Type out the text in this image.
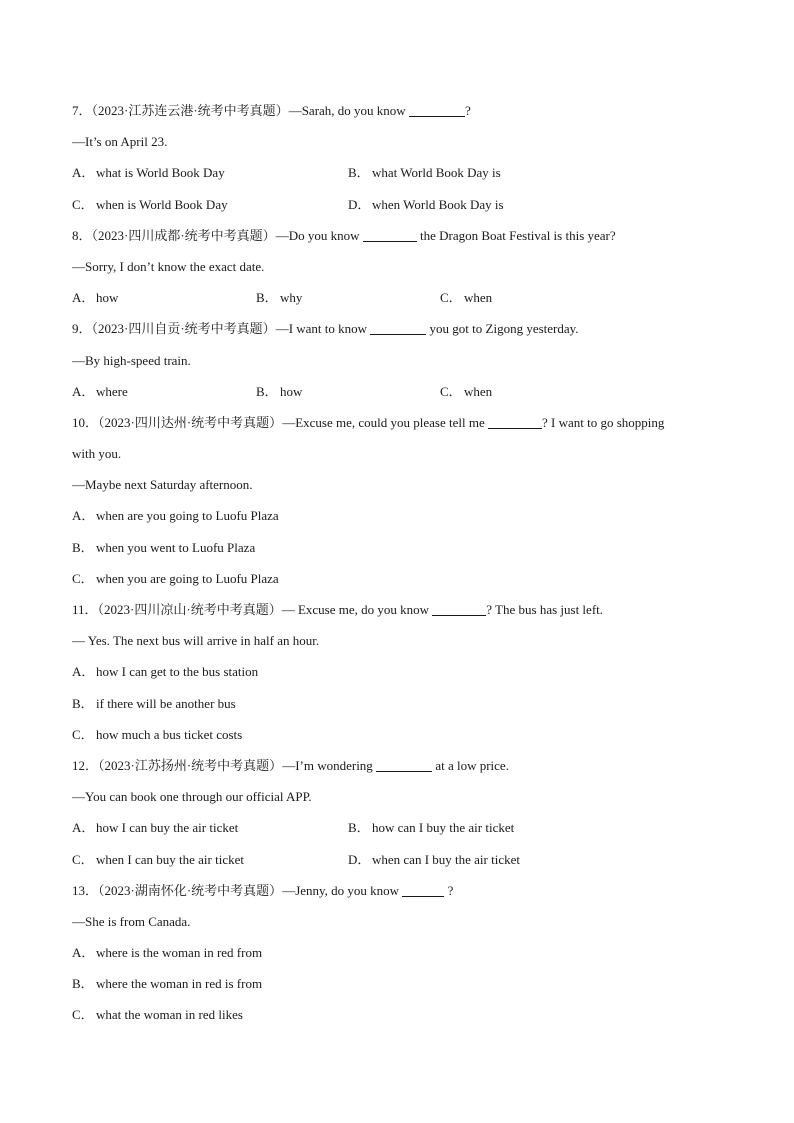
7．（2023·江苏连云港·统考中考真题）—Sarah, do you know	?
—It’s on April 23.
A． what is World Book Day	B． what World Book Day is
C． when is World Book Day	D． when World Book Day is
8．（2023·四川成都·统考中考真题）—Do you know	the Dragon Boat Festival is this year?
—Sorry, I don’t know the exact date.
A． how	B． why	C． when
9．（2023·四川自贡·统考中考真题）—I want to know	you got to Zigong yesterday.
—By high-speed train.
A． where	B． how	C． when
10．（2023·四川达州·统考中考真题）—Excuse me, could you please tell me	? I want to go shopping
with you.
—Maybe next Saturday afternoon.
A． when are you going to Luofu Plaza
B． when you went to Luofu Plaza
C． when you are going to Luofu Plaza
11．（2023·四川凉山·统考中考真题）— Excuse me, do you know	? The bus has just left.
— Yes. The next bus will arrive in half an hour.
A． how I can get to the bus station
B． if there will be another bus
C． how much a bus ticket costs
12．（2023·江苏扬州·统考中考真题）—I’m wondering	at a low price.
—You can book one through our official APP.
A． how I can buy the air ticket	B． how can I buy the air ticket
C． when I can buy the air ticket	D． when can I buy the air ticket
13．（2023·湖南怀化·统考中考真题）—Jenny, do you know	?
—She is from Canada.
A． where is the woman in red from
B． where the woman in red is from
C． what the woman in red likes
